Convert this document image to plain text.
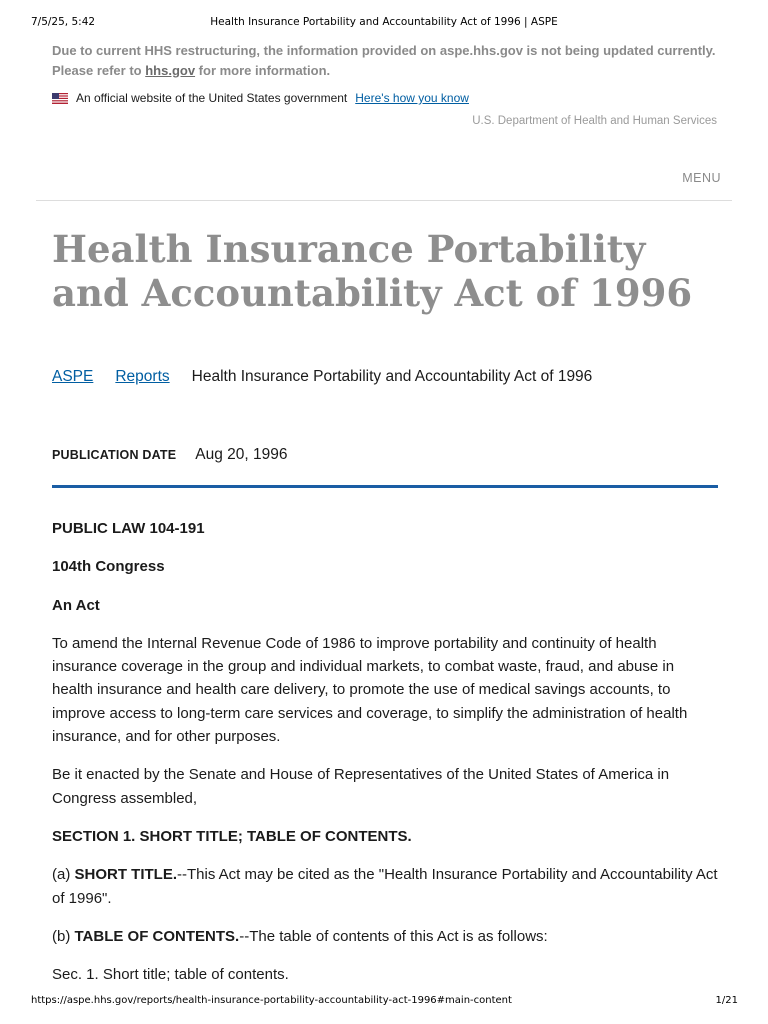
7/5/25, 5:42	Health Insurance Portability and Accountability Act of 1996 | ASPE
Due to current HHS restructuring, the information provided on aspe.hhs.gov is not being updated currently. Please refer to hhs.gov for more information.
An official website of the United States government Here's how you know
U.S. Department of Health and Human Services
MENU
Health Insurance Portability and Accountability Act of 1996
ASPE Reports Health Insurance Portability and Accountability Act of 1996
PUBLICATION DATE Aug 20, 1996

PUBLIC LAW 104-191

104th Congress

An Act

To amend the Internal Revenue Code of 1986 to improve portability and continuity of health insurance coverage in the group and individual markets, to combat waste, fraud, and abuse in health insurance and health care delivery, to promote the use of medical savings accounts, to improve access to long-term care services and coverage, to simplify the administration of health insurance, and for other purposes.

Be it enacted by the Senate and House of Representatives of the United States of America in Congress assembled,

SECTION 1. SHORT TITLE; TABLE OF CONTENTS.

(a) SHORT TITLE.--This Act may be cited as the "Health Insurance Portability and Accountability Act of 1996".

(b) TABLE OF CONTENTS.--The table of contents of this Act is as follows:

Sec. 1. Short title; table of contents.

https://aspe.hhs.gov/reports/health-insurance-portability-accountability-act-1996#main-content	1/21
